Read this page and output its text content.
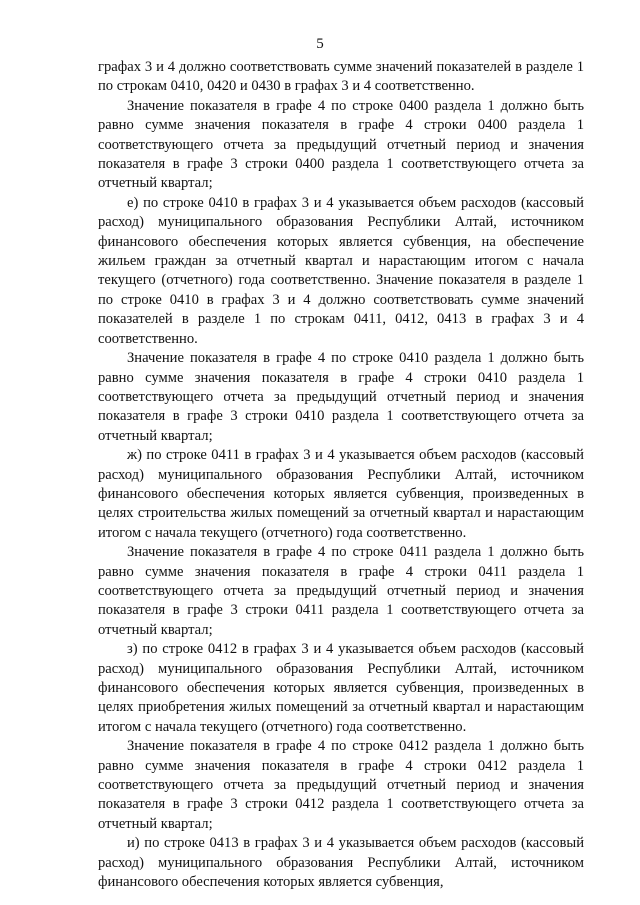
5

графах 3 и 4 должно соответствовать сумме значений показателей в разделе 1 по строкам 0410, 0420 и 0430 в графах 3 и 4 соответственно.

Значение показателя в графе 4 по строке 0400 раздела 1 должно быть равно сумме значения показателя в графе 4 строки 0400 раздела 1 соответствующего отчета за предыдущий отчетный период и значения показателя в графе 3 строки 0400 раздела 1 соответствующего отчета за отчетный квартал;

е) по строке 0410 в графах 3 и 4 указывается объем расходов (кассовый расход) муниципального образования Республики Алтай, источником финансового обеспечения которых является субвенция, на обеспечение жильем граждан за отчетный квартал и нарастающим итогом с начала текущего (отчетного) года соответственно. Значение показателя в разделе 1 по строке 0410 в графах 3 и 4 должно соответствовать сумме значений показателей в разделе 1 по строкам 0411, 0412, 0413 в графах 3 и 4 соответственно.

Значение показателя в графе 4 по строке 0410 раздела 1 должно быть равно сумме значения показателя в графе 4 строки 0410 раздела 1 соответствующего отчета за предыдущий отчетный период и значения показателя в графе 3 строки 0410 раздела 1 соответствующего отчета за отчетный квартал;

ж) по строке 0411 в графах 3 и 4 указывается объем расходов (кассовый расход) муниципального образования Республики Алтай, источником финансового обеспечения которых является субвенция, произведенных в целях строительства жилых помещений за отчетный квартал и нарастающим итогом с начала текущего (отчетного) года соответственно.

Значение показателя в графе 4 по строке 0411 раздела 1 должно быть равно сумме значения показателя в графе 4 строки 0411 раздела 1 соответствующего отчета за предыдущий отчетный период и значения показателя в графе 3 строки 0411 раздела 1 соответствующего отчета за отчетный квартал;

з) по строке 0412 в графах 3 и 4 указывается объем расходов (кассовый расход) муниципального образования Республики Алтай, источником финансового обеспечения которых является субвенция, произведенных в целях приобретения жилых помещений за отчетный квартал и нарастающим итогом с начала текущего (отчетного) года соответственно.

Значение показателя в графе 4 по строке 0412 раздела 1 должно быть равно сумме значения показателя в графе 4 строки 0412 раздела 1 соответствующего отчета за предыдущий отчетный период и значения показателя в графе 3 строки 0412 раздела 1 соответствующего отчета за отчетный квартал;

и) по строке 0413 в графах 3 и 4 указывается объем расходов (кассовый расход) муниципального образования Республики Алтай, источником финансового обеспечения которых является субвенция,
